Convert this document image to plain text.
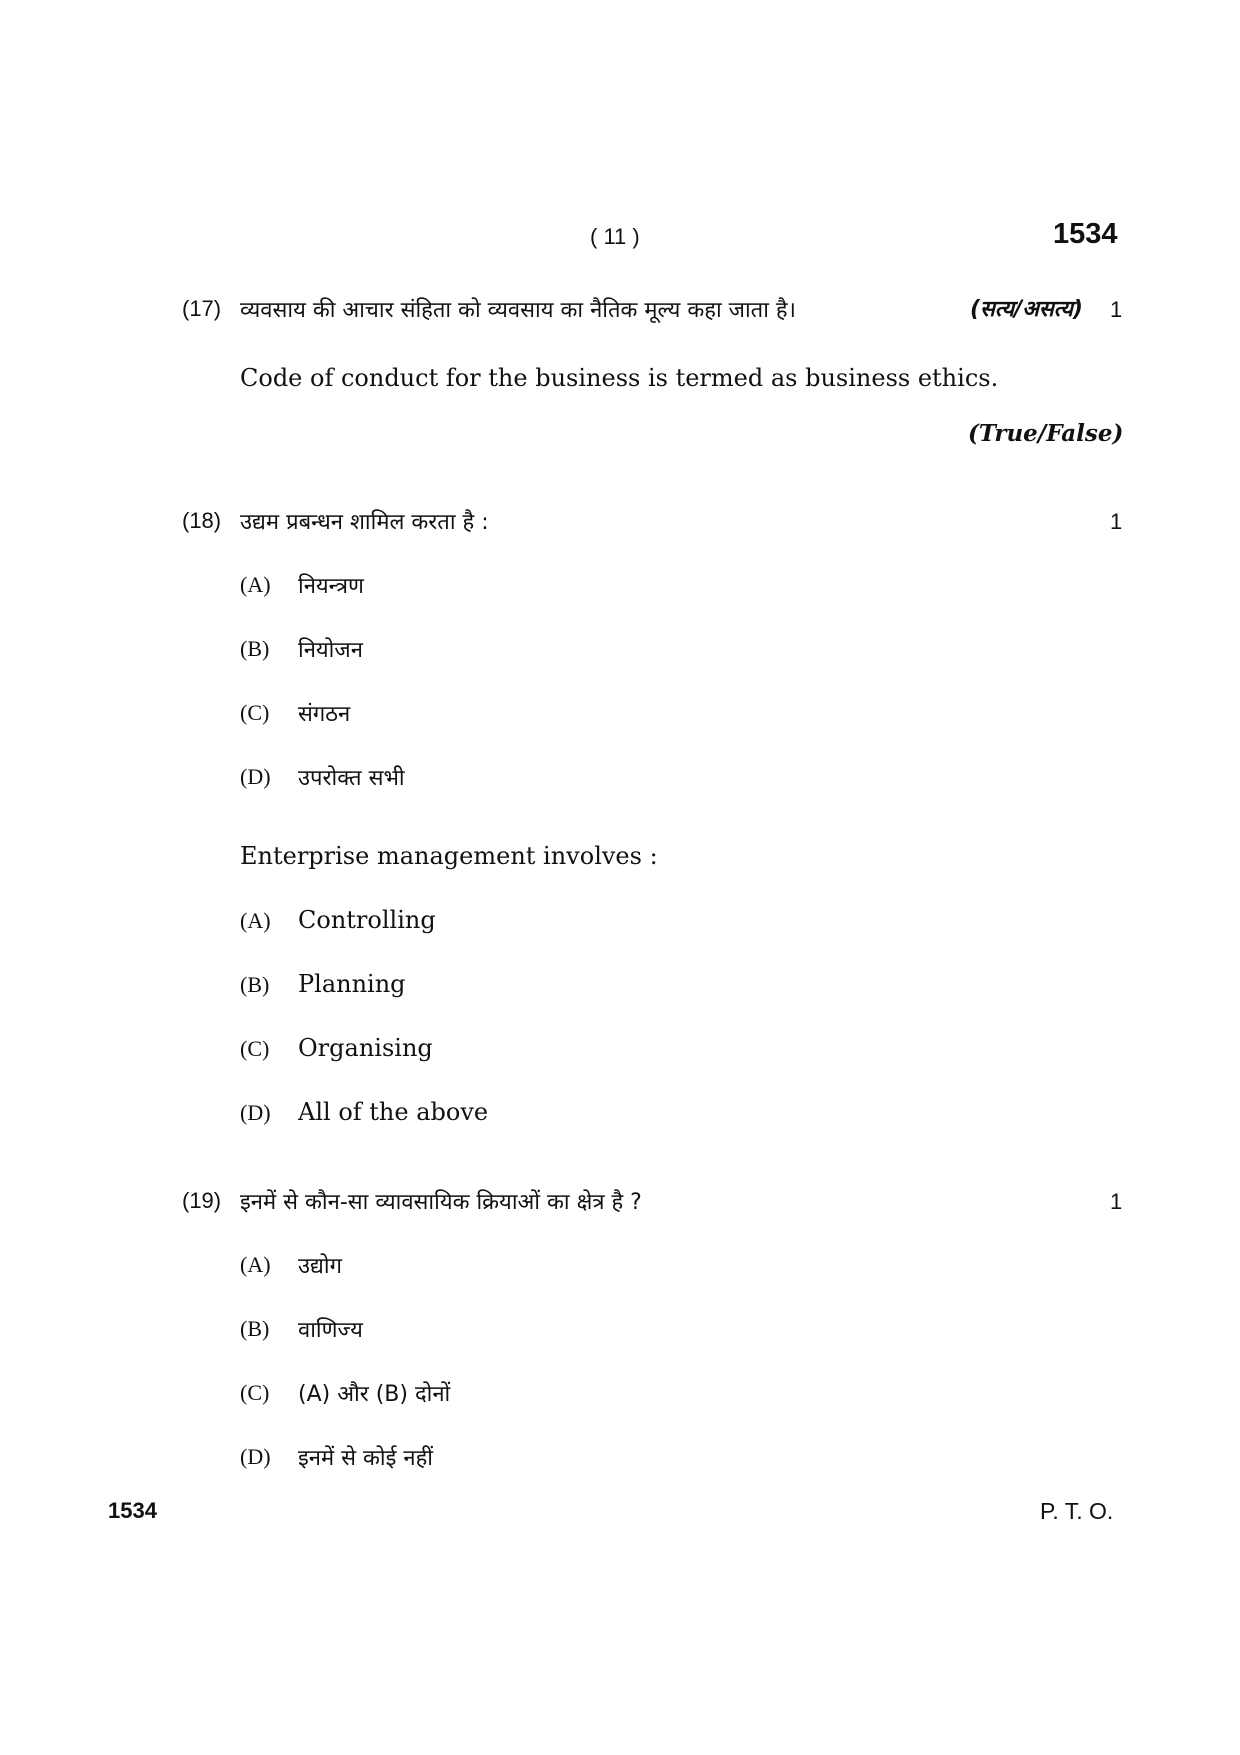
( 11 )	1534
(17) व्यवसाय की आचार संहिता को व्यवसाय का नैतिक मूल्य कहा जाता है।	(सत्य/असत्य) 1
Code of conduct for the business is termed as business ethics.
(True/False)
(18) उद्यम प्रबन्धन शामिल करता है :	1
(A) नियन्त्रण
(B) नियोजन
(C) संगठन
(D) उपरोक्त सभी
Enterprise management involves :
(A) Controlling
(B) Planning
(C) Organising
(D) All of the above
(19) इनमें से कौन-सा व्यावसायिक क्रियाओं का क्षेत्र है ?	1
(A) उद्योग
(B) वाणिज्य
(C) (A) और (B) दोनों
(D) इनमें से कोई नहीं
1534	P. T. O.
